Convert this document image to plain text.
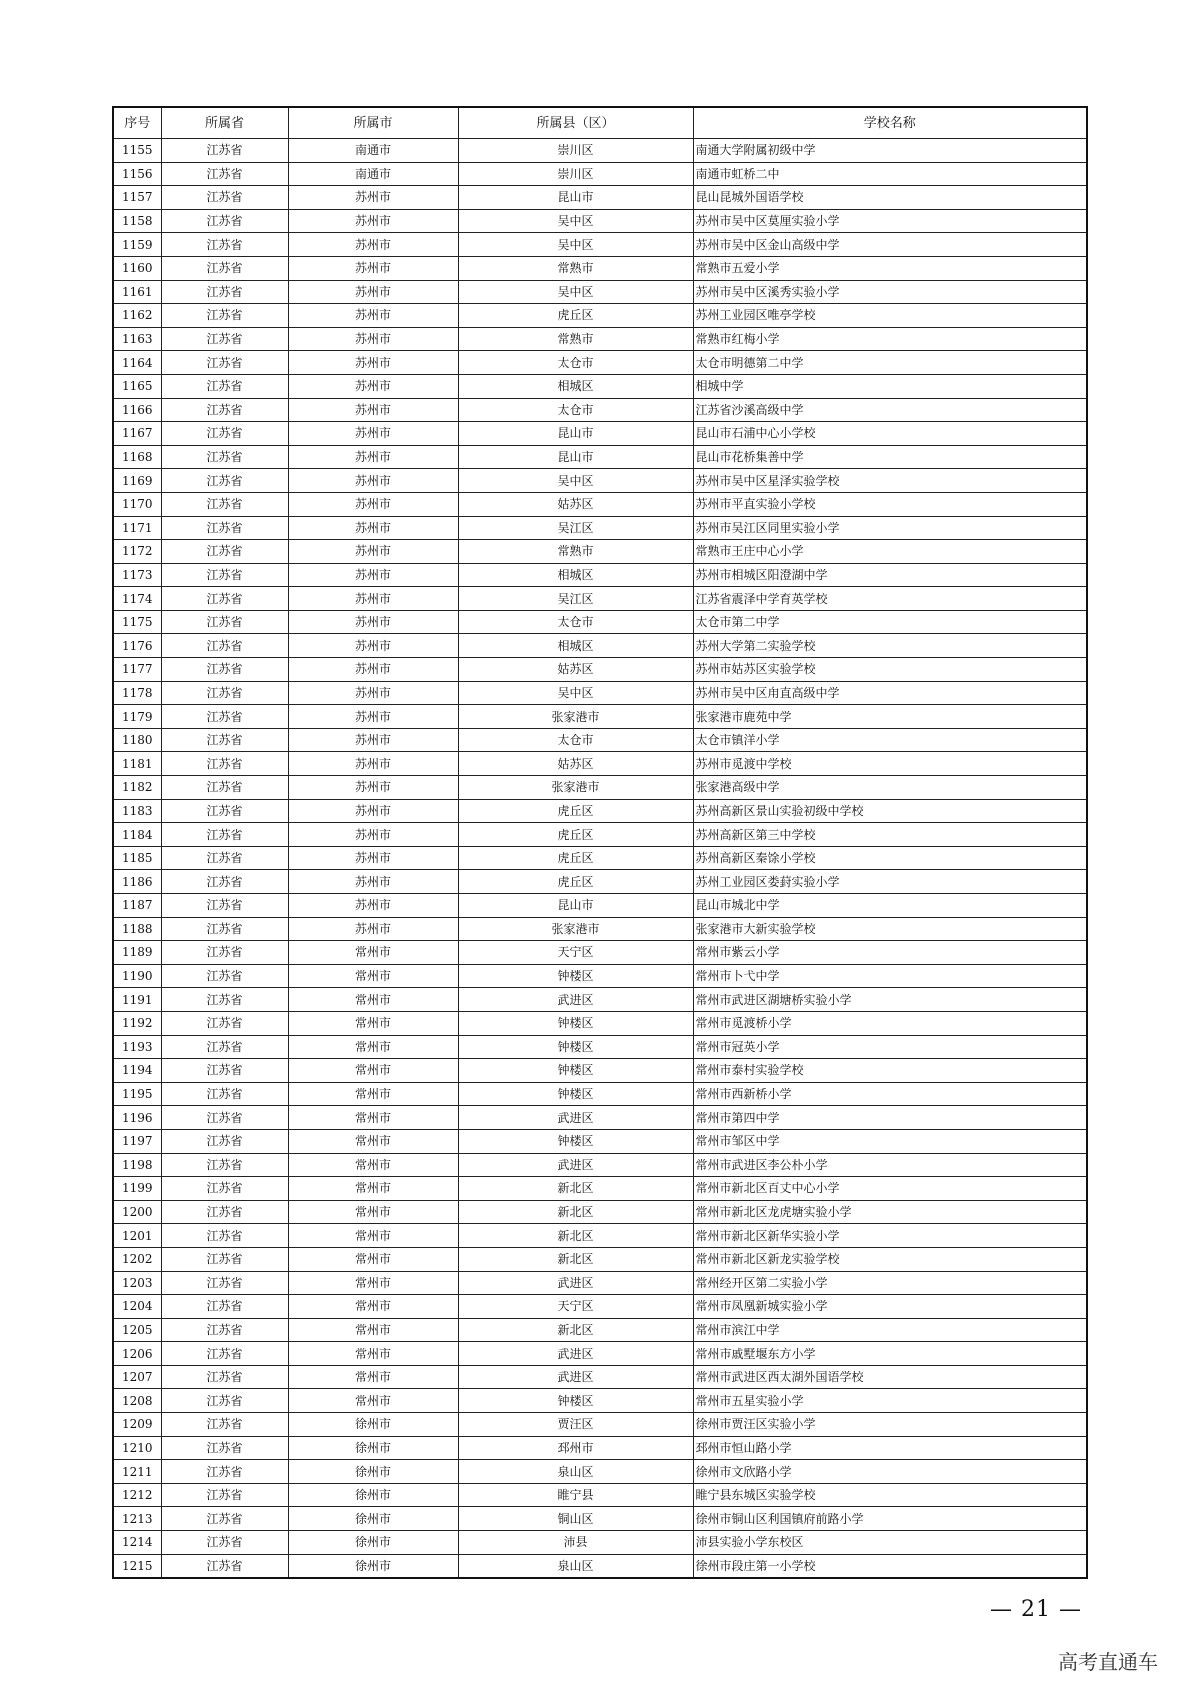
序号	所属省	所属市	所属县（区）	学校名称
1155	江苏省	南通市	崇川区	南通大学附属初级中学
1156	江苏省	南通市	崇川区	南通市虹桥二中
1157	江苏省	苏州市	昆山市	昆山昆城外国语学校
1158	江苏省	苏州市	吴中区	苏州市吴中区莫厘实验小学
1159	江苏省	苏州市	吴中区	苏州市吴中区金山高级中学
1160	江苏省	苏州市	常熟市	常熟市五爱小学
1161	江苏省	苏州市	吴中区	苏州市吴中区溪秀实验小学
1162	江苏省	苏州市	虎丘区	苏州工业园区唯亭学校
1163	江苏省	苏州市	常熟市	常熟市红梅小学
1164	江苏省	苏州市	太仓市	太仓市明德第二中学
1165	江苏省	苏州市	相城区	相城中学
1166	江苏省	苏州市	太仓市	江苏省沙溪高级中学
1167	江苏省	苏州市	昆山市	昆山市石浦中心小学校
1168	江苏省	苏州市	昆山市	昆山市花桥集善中学
1169	江苏省	苏州市	吴中区	苏州市吴中区星泽实验学校
1170	江苏省	苏州市	姑苏区	苏州市平直实验小学校
1171	江苏省	苏州市	吴江区	苏州市吴江区同里实验小学
1172	江苏省	苏州市	常熟市	常熟市王庄中心小学
1173	江苏省	苏州市	相城区	苏州市相城区阳澄湖中学
1174	江苏省	苏州市	吴江区	江苏省震泽中学育英学校
1175	江苏省	苏州市	太仓市	太仓市第二中学
1176	江苏省	苏州市	相城区	苏州大学第二实验学校
1177	江苏省	苏州市	姑苏区	苏州市姑苏区实验学校
1178	江苏省	苏州市	吴中区	苏州市吴中区甪直高级中学
1179	江苏省	苏州市	张家港市	张家港市鹿苑中学
1180	江苏省	苏州市	太仓市	太仓市镇洋小学
1181	江苏省	苏州市	姑苏区	苏州市觅渡中学校
1182	江苏省	苏州市	张家港市	张家港高级中学
1183	江苏省	苏州市	虎丘区	苏州高新区景山实验初级中学校
1184	江苏省	苏州市	虎丘区	苏州高新区第三中学校
1185	江苏省	苏州市	虎丘区	苏州高新区秦馀小学校
1186	江苏省	苏州市	虎丘区	苏州工业园区娄葑实验小学
1187	江苏省	苏州市	昆山市	昆山市城北中学
1188	江苏省	苏州市	张家港市	张家港市大新实验学校
1189	江苏省	常州市	天宁区	常州市紫云小学
1190	江苏省	常州市	钟楼区	常州市卜弋中学
1191	江苏省	常州市	武进区	常州市武进区湖塘桥实验小学
1192	江苏省	常州市	钟楼区	常州市觅渡桥小学
1193	江苏省	常州市	钟楼区	常州市冠英小学
1194	江苏省	常州市	钟楼区	常州市泰村实验学校
1195	江苏省	常州市	钟楼区	常州市西新桥小学
1196	江苏省	常州市	武进区	常州市第四中学
1197	江苏省	常州市	钟楼区	常州市邹区中学
1198	江苏省	常州市	武进区	常州市武进区李公朴小学
1199	江苏省	常州市	新北区	常州市新北区百丈中心小学
1200	江苏省	常州市	新北区	常州市新北区龙虎塘实验小学
1201	江苏省	常州市	新北区	常州市新北区新华实验小学
1202	江苏省	常州市	新北区	常州市新北区新龙实验学校
1203	江苏省	常州市	武进区	常州经开区第二实验小学
1204	江苏省	常州市	天宁区	常州市凤凰新城实验小学
1205	江苏省	常州市	新北区	常州市滨江中学
1206	江苏省	常州市	武进区	常州市戚墅堰东方小学
1207	江苏省	常州市	武进区	常州市武进区西太湖外国语学校
1208	江苏省	常州市	钟楼区	常州市五星实验小学
1209	江苏省	徐州市	贾汪区	徐州市贾汪区实验小学
1210	江苏省	徐州市	邳州市	邳州市恒山路小学
1211	江苏省	徐州市	泉山区	徐州市文欣路小学
1212	江苏省	徐州市	睢宁县	睢宁县东城区实验学校
1213	江苏省	徐州市	铜山区	徐州市铜山区利国镇府前路小学
1214	江苏省	徐州市	沛县	沛县实验小学东校区
1215	江苏省	徐州市	泉山区	徐州市段庄第一小学校
— 21 —
高考直通车
